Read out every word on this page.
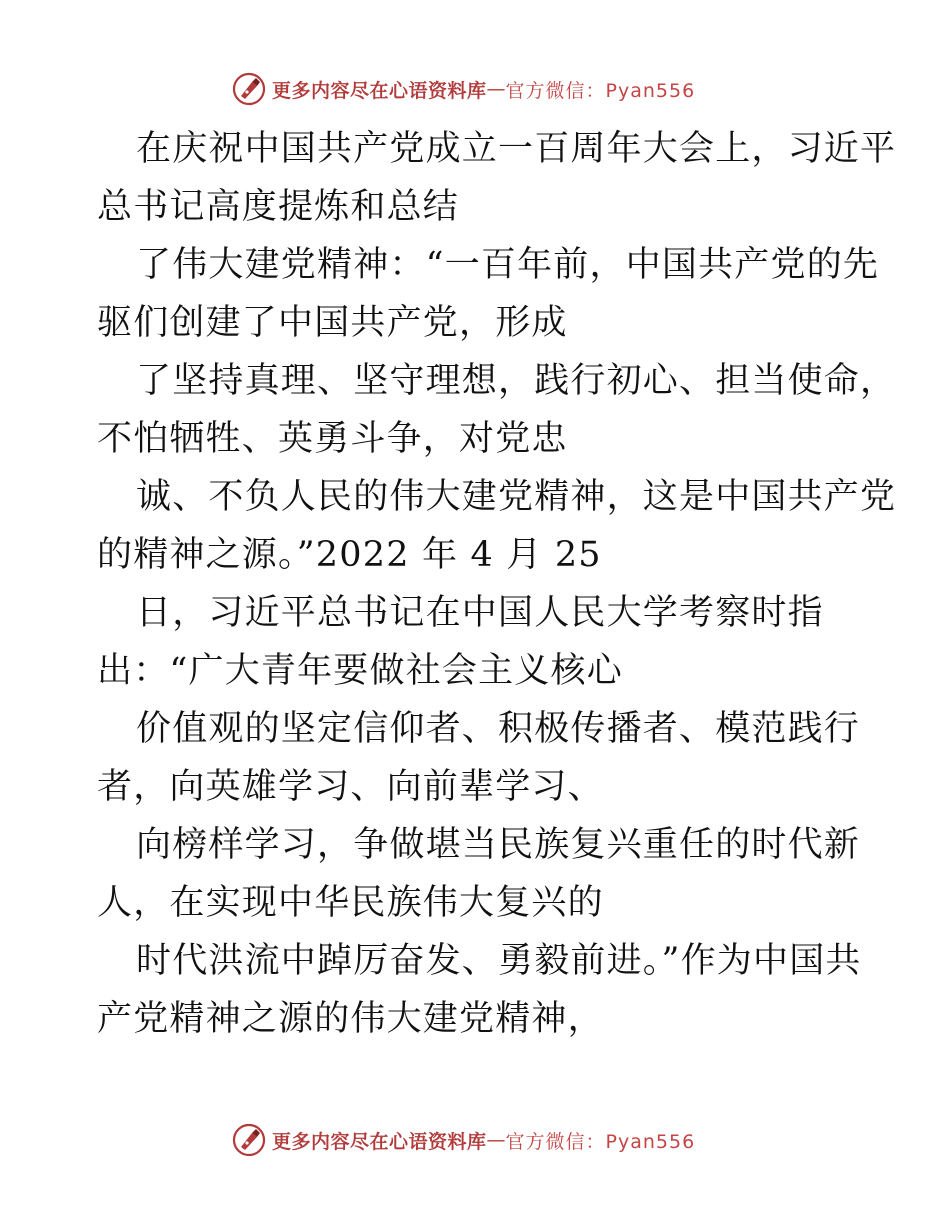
更多内容尽在心语资料库 — 官方微信：Pyan556
在庆祝中国共产党成立一百周年大会上，习近平
总书记高度提炼和总结
了伟大建党精神：“一百年前，中国共产党的先
驱们创建了中国共产党，形成
了坚持真理、坚守理想，践行初心、担当使命，
不怕牺牲、英勇斗争，对党忠
诚、不负人民的伟大建党精神，这是中国共产党
的精神之源。”2022 年 4 月 25
日，习近平总书记在中国人民大学考察时指
出：“广大青年要做社会主义核心
价值观的坚定信仰者、积极传播者、模范践行
者，向英雄学习、向前辈学习、
向榜样学习，争做堪当民族复兴重任的时代新
人，在实现中华民族伟大复兴的
时代洪流中踔厉奋发、勇毅前进。”作为中国共
产党精神之源的伟大建党精神，
更多内容尽在心语资料库 — 官方微信：Pyan556
